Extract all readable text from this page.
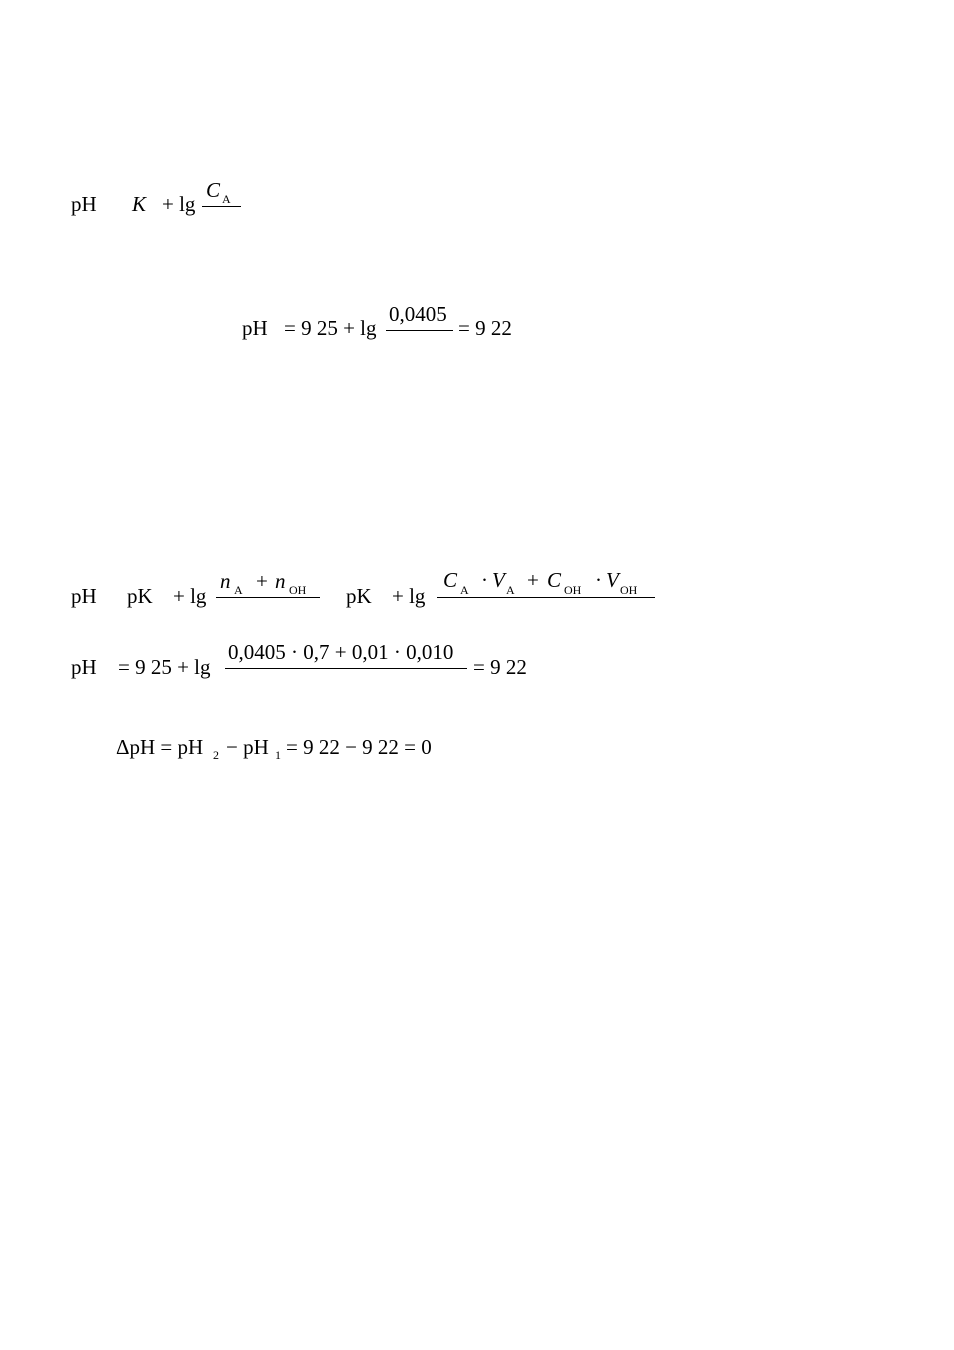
pH K + lg
C A
pH = 9 25 + lg
0,0405
= 9 22
pH pK + lg
n A + n OH pK + lg
C A · V A + C OH · V OH
pH = 9 25 + lg
0,0405 · 0,7 + 0,01 · 0,010
= 9 22
ΔpH = pH 2 − pH 1 = 9 22 − 9 22 = 0
